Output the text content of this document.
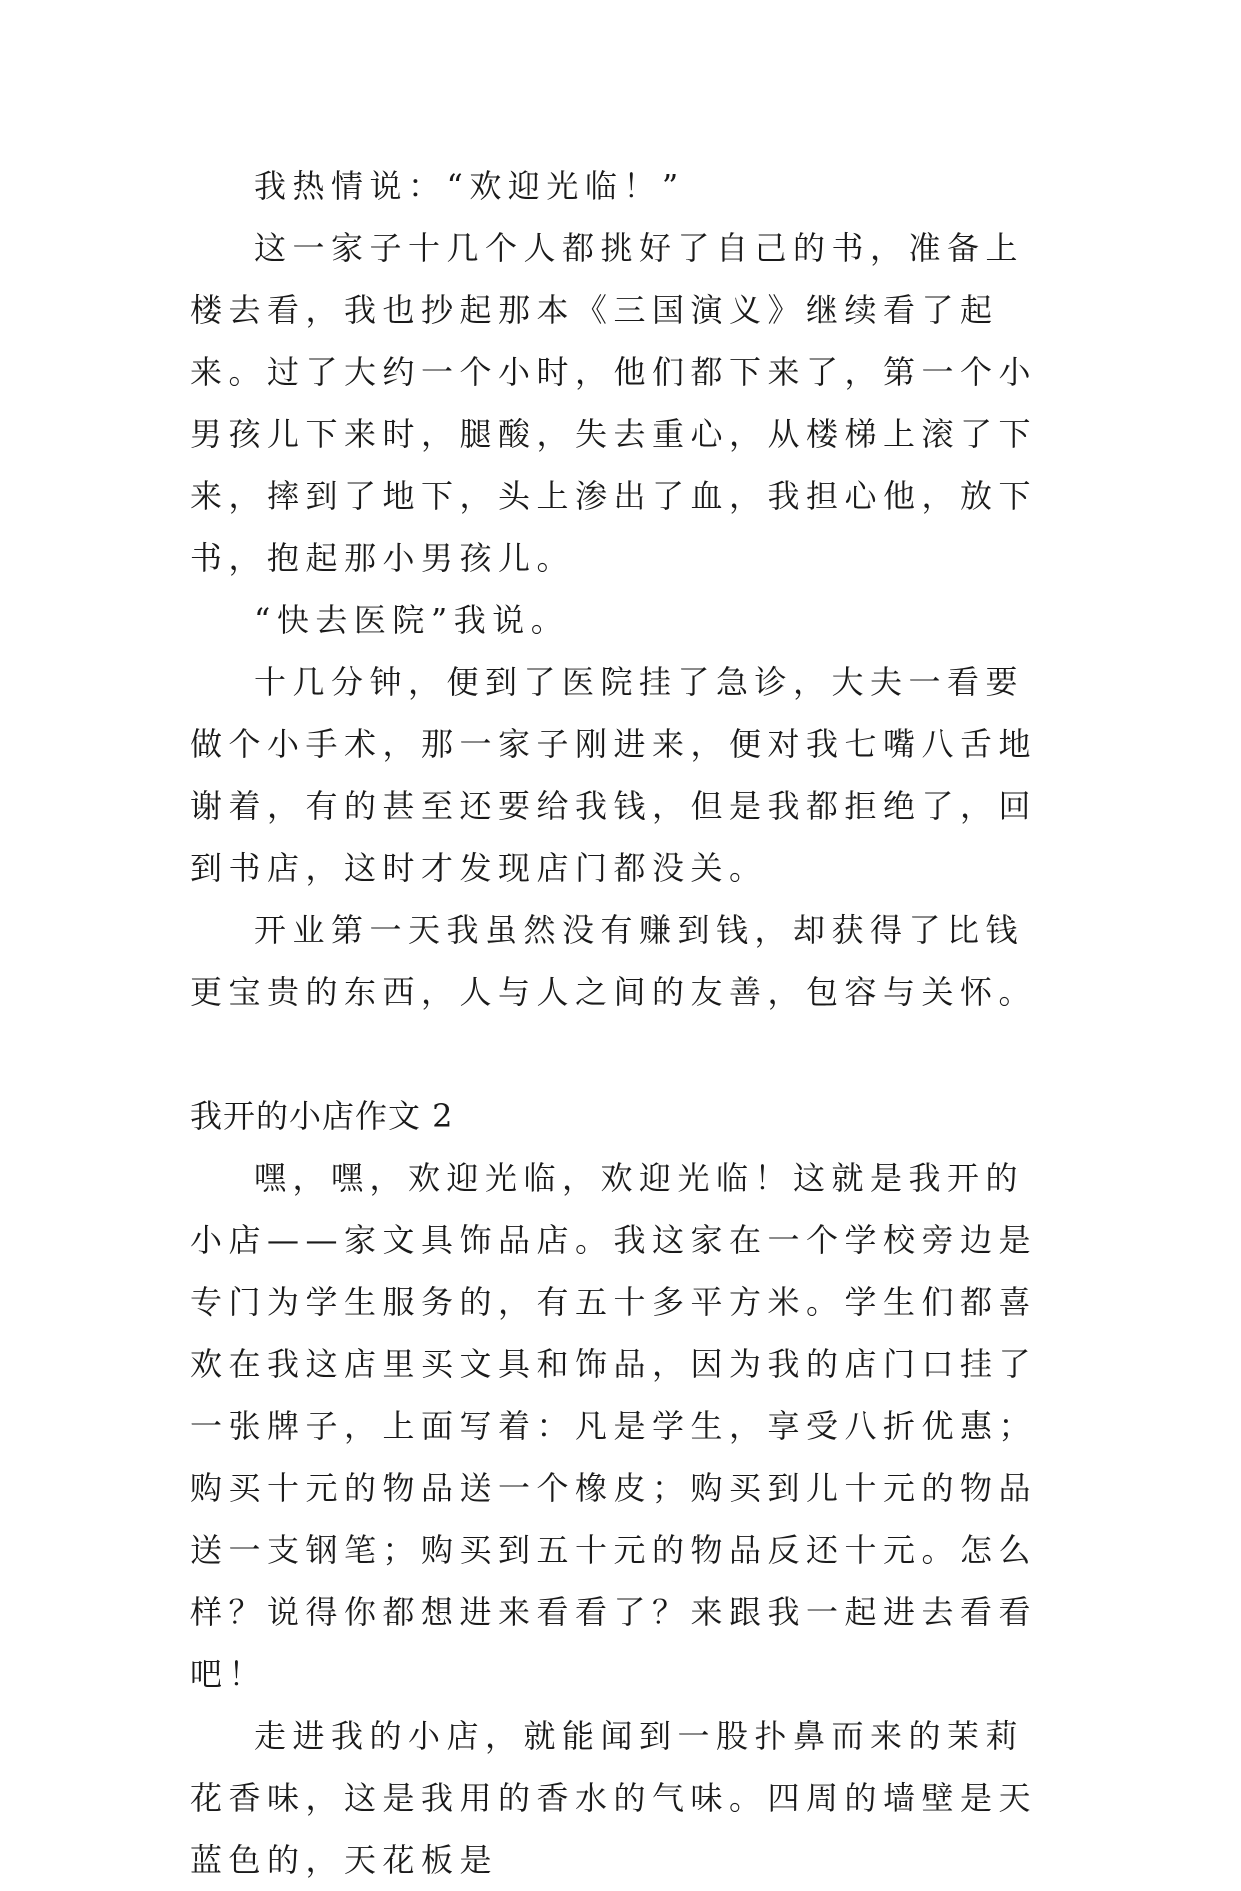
我热情说：“欢迎光临！”

这一家子十几个人都挑好了自己的书，准备上楼去看，我也抄起那本《三国演义》继续看了起来。过了大约一个小时，他们都下来了，第一个小男孩儿下来时，腿酸，失去重心，从楼梯上滚了下来，摔到了地下，头上渗出了血，我担心他，放下书，抱起那小男孩儿。

“快去医院”我说。

十几分钟，便到了医院挂了急诊，大夫一看要做个小手术，那一家子刚进来，便对我七嘴八舌地谢着，有的甚至还要给我钱，但是我都拒绝了，回到书店，这时才发现店门都没关。

开业第一天我虽然没有赚到钱，却获得了比钱更宝贵的东西，人与人之间的友善，包容与关怀。

我开的小店作文 2

嘿，嘿，欢迎光临，欢迎光临！这就是我开的小店——家文具饰品店。我这家在一个学校旁边是专门为学生服务的，有五十多平方米。学生们都喜欢在我这店里买文具和饰品，因为我的店门口挂了一张牌子，上面写着：凡是学生，享受八折优惠；购买十元的物品送一个橡皮；购买到儿十元的物品送一支钢笔；购买到五十元的物品反还十元。怎么样？说得你都想进来看看了？来跟我一起进去看看吧！

走进我的小店，就能闻到一股扑鼻而来的茉莉花香味，这是我用的香水的气味。四周的墙壁是天蓝色的，天花板是
